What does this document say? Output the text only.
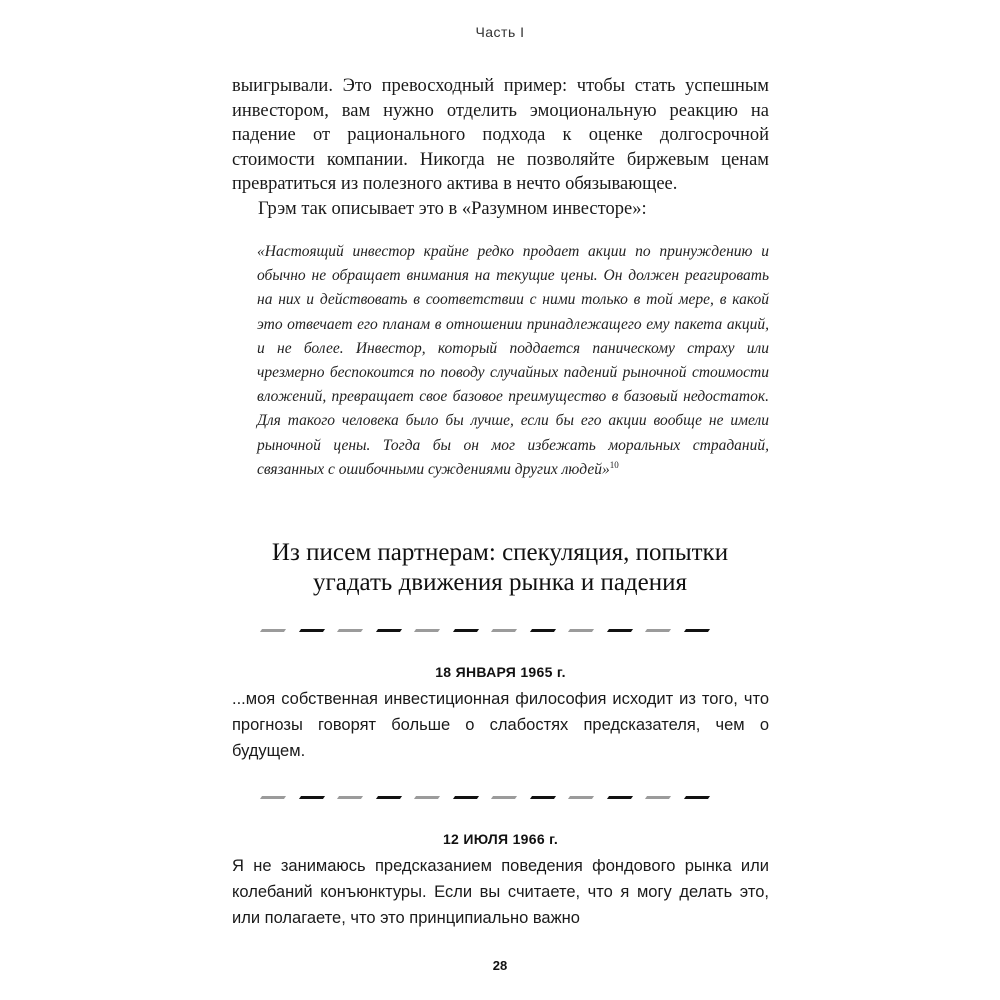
Часть I

выигрывали. Это превосходный пример: чтобы стать успешным инвестором, вам нужно отделить эмоциональную реакцию на падение от рационального подхода к оценке долгосрочной стоимости компании. Никогда не позволяйте биржевым ценам превратиться из полезного актива в нечто обязывающее.

Грэм так описывает это в «Разумном инвесторе»:

«Настоящий инвестор крайне редко продает акции по принуждению и обычно не обращает внимания на текущие цены. Он должен реагировать на них и действовать в соответствии с ними только в той мере, в какой это отвечает его планам в отношении принадлежащего ему пакета акций, и не более. Инвестор, который поддается паническому страху или чрезмерно беспокоится по поводу случайных падений рыночной стоимости вложений, превращает свое базовое преимущество в базовый недостаток. Для такого человека было бы лучше, если бы его акции вообще не имели рыночной цены. Тогда бы он мог избежать моральных страданий, связанных с ошибочными суждениями других людей»$^{10}$
Из писем партнерам: спекуляция, попытки
угадать движения рынка и падения
18 ЯНВАРЯ 1965 г.
...моя собственная инвестиционная философия исходит из того, что прогнозы говорят больше о слабостях предсказателя, чем о будущем.
12 ИЮЛЯ 1966 г.
Я не занимаюсь предсказанием поведения фондового рынка или колебаний конъюнктуры. Если вы считаете, что я могу делать это, или полагаете, что это принципиально важно
28
